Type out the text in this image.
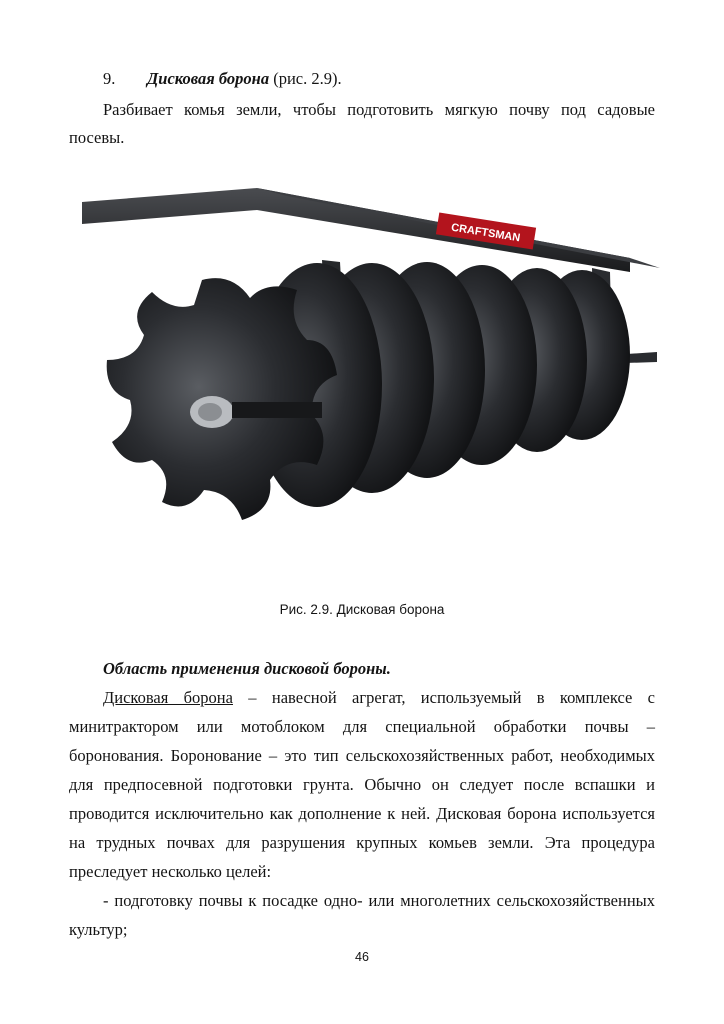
9. Дисковая борона (рис. 2.9).
Разбивает комья земли, чтобы подготовить мягкую почву под садовые
посевы.
CRAFTSMAN
Рис. 2.9. Дисковая борона
Область применения дисковой бороны.
Дисковая борона – навесной агрегат, используемый в комплексе с
минитрактором или мотоблоком для специальной обработки почвы –
боронования. Боронование – это тип сельскохозяйственных работ, необходимых
для предпосевной подготовки грунта. Обычно он следует после вспашки и
проводится исключительно как дополнение к ней. Дисковая борона используется
на трудных почвах для разрушения крупных комьев земли. Эта процедура
преследует несколько целей:
- подготовку почвы к посадке одно- или многолетних сельскохозяйственных
культур;
46
